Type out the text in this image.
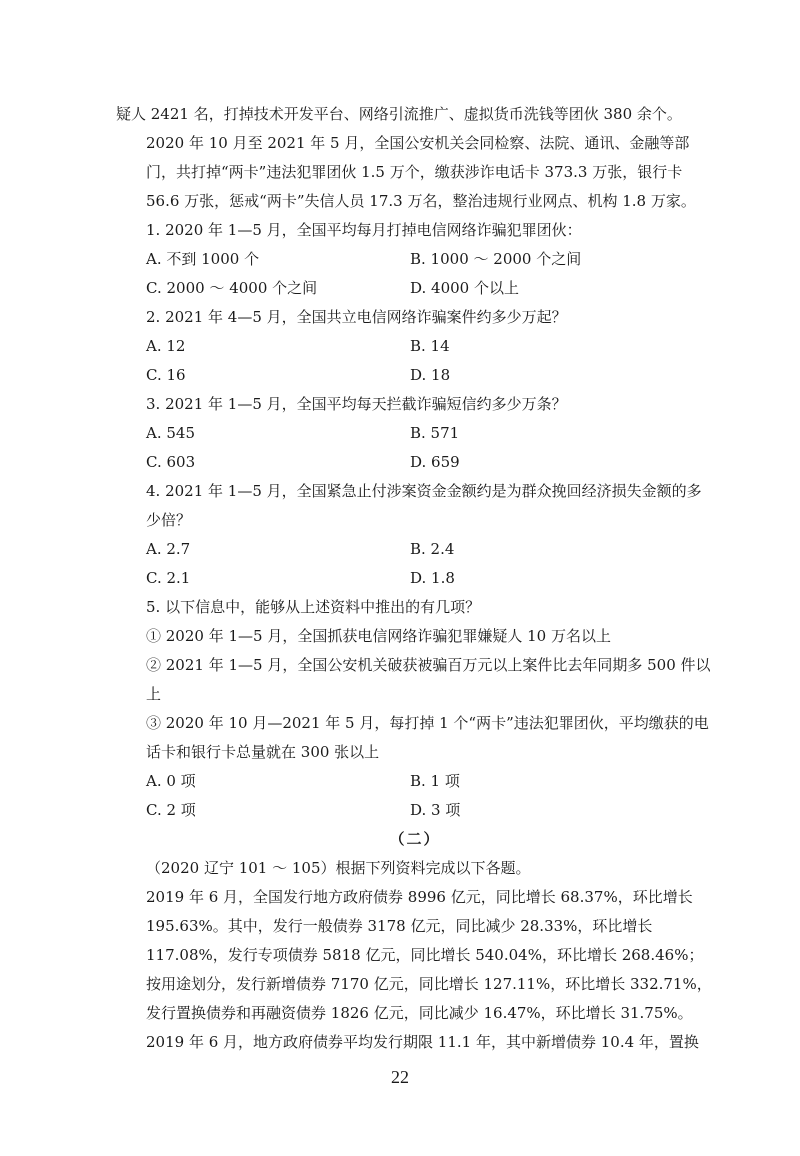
疑人 2421 名，打掉技术开发平台、网络引流推广、虚拟货币洗钱等团伙 380 余个。
2020 年 10 月至 2021 年 5 月，全国公安机关会同检察、法院、通讯、金融等部门，共打掉“两卡”违法犯罪团伙 1.5 万个，缴获涉诈电话卡 373.3 万张，银行卡 56.6 万张，惩戒“两卡”失信人员 17.3 万名，整治违规行业网点、机构 1.8 万家。
1. 2020 年 1—5 月，全国平均每月打掉电信网络诈骗犯罪团伙：
A. 不到 1000 个	B. 1000 ～ 2000 个之间
C. 2000 ～ 4000 个之间	D. 4000 个以上
2. 2021 年 4—5 月，全国共立电信网络诈骗案件约多少万起？
A. 12	B. 14
C. 16	D. 18
3. 2021 年 1—5 月，全国平均每天拦截诈骗短信约多少万条？
A. 545	B. 571
C. 603	D. 659
4. 2021 年 1—5 月，全国紧急止付涉案资金金额约是为群众挽回经济损失金额的多少倍？
A. 2.7	B. 2.4
C. 2.1	D. 1.8
5. 以下信息中，能够从上述资料中推出的有几项？
① 2020 年 1—5 月，全国抓获电信网络诈骗犯罪嫌疑人 10 万名以上
② 2021 年 1—5 月，全国公安机关破获被骗百万元以上案件比去年同期多 500 件以上
③ 2020 年 10 月—2021 年 5 月，每打掉 1 个“两卡”违法犯罪团伙，平均缴获的电话卡和银行卡总量就在 300 张以上
A. 0 项	B. 1 项
C. 2 项	D. 3 项
（二）
（2020 辽宁 101 ～ 105）根据下列资料完成以下各题。
2019 年 6 月，全国发行地方政府债券 8996 亿元，同比增长 68.37%，环比增长 195.63%。其中，发行一般债券 3178 亿元，同比减少 28.33%，环比增长 117.08%，发行专项债券 5818 亿元，同比增长 540.04%，环比增长 268.46%；按用途划分，发行新增债券 7170 亿元，同比增长 127.11%，环比增长 332.71%，发行置换债券和再融资债券 1826 亿元，同比减少 16.47%，环比增长 31.75%。
2019 年 6 月，地方政府债券平均发行期限 11.1 年，其中新增债券 10.4 年，置换
22
